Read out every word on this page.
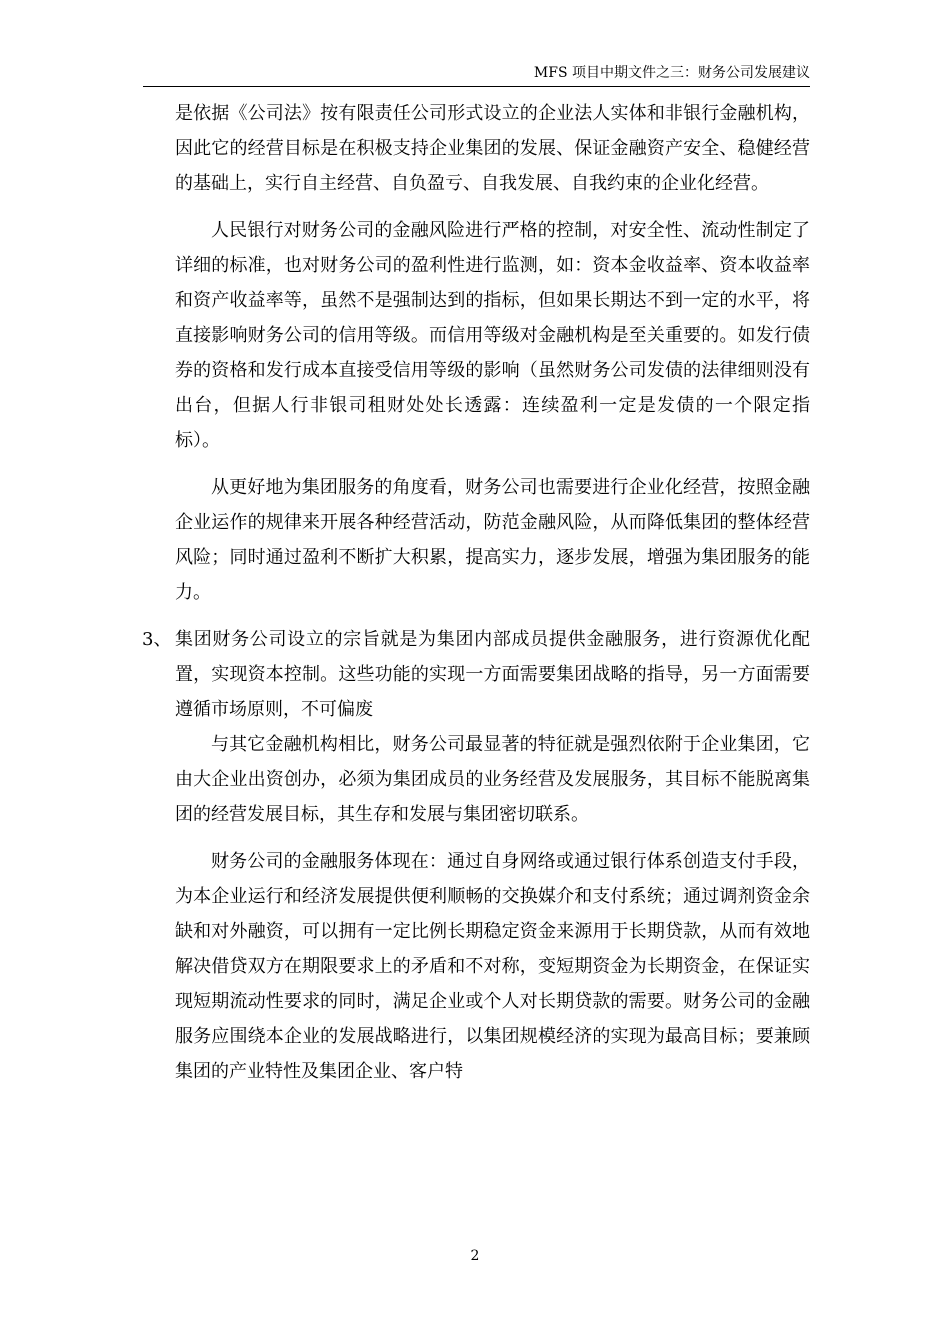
MFS 项目中期文件之三：财务公司发展建议

是依据《公司法》按有限责任公司形式设立的企业法人实体和非银行金融机构，因此它的经营目标是在积极支持企业集团的发展、保证金融资产安全、稳健经营的基础上，实行自主经营、自负盈亏、自我发展、自我约束的企业化经营。

人民银行对财务公司的金融风险进行严格的控制，对安全性、流动性制定了详细的标准，也对财务公司的盈利性进行监测，如：资本金收益率、资本收益率和资产收益率等，虽然不是强制达到的指标，但如果长期达不到一定的水平，将直接影响财务公司的信用等级。而信用等级对金融机构是至关重要的。如发行债券的资格和发行成本直接受信用等级的影响（虽然财务公司发债的法律细则没有出台，但据人行非银司租财处处长透露：连续盈利一定是发债的一个限定指标）。

从更好地为集团服务的角度看，财务公司也需要进行企业化经营，按照金融企业运作的规律来开展各种经营活动，防范金融风险，从而降低集团的整体经营风险；同时通过盈利不断扩大积累，提高实力，逐步发展，增强为集团服务的能力。

3、 集团财务公司设立的宗旨就是为集团内部成员提供金融服务，进行资源优化配置，实现资本控制。这些功能的实现一方面需要集团战略的指导，另一方面需要遵循市场原则，不可偏废

与其它金融机构相比，财务公司最显著的特征就是强烈依附于企业集团，它由大企业出资创办，必须为集团成员的业务经营及发展服务，其目标不能脱离集团的经营发展目标，其生存和发展与集团密切联系。

财务公司的金融服务体现在：通过自身网络或通过银行体系创造支付手段，为本企业运行和经济发展提供便利顺畅的交换媒介和支付系统；通过调剂资金余缺和对外融资，可以拥有一定比例长期稳定资金来源用于长期贷款，从而有效地解决借贷双方在期限要求上的矛盾和不对称，变短期资金为长期资金，在保证实现短期流动性要求的同时，满足企业或个人对长期贷款的需要。财务公司的金融服务应围绕本企业的发展战略进行，以集团规模经济的实现为最高目标；要兼顾集团的产业特性及集团企业、客户特

2
